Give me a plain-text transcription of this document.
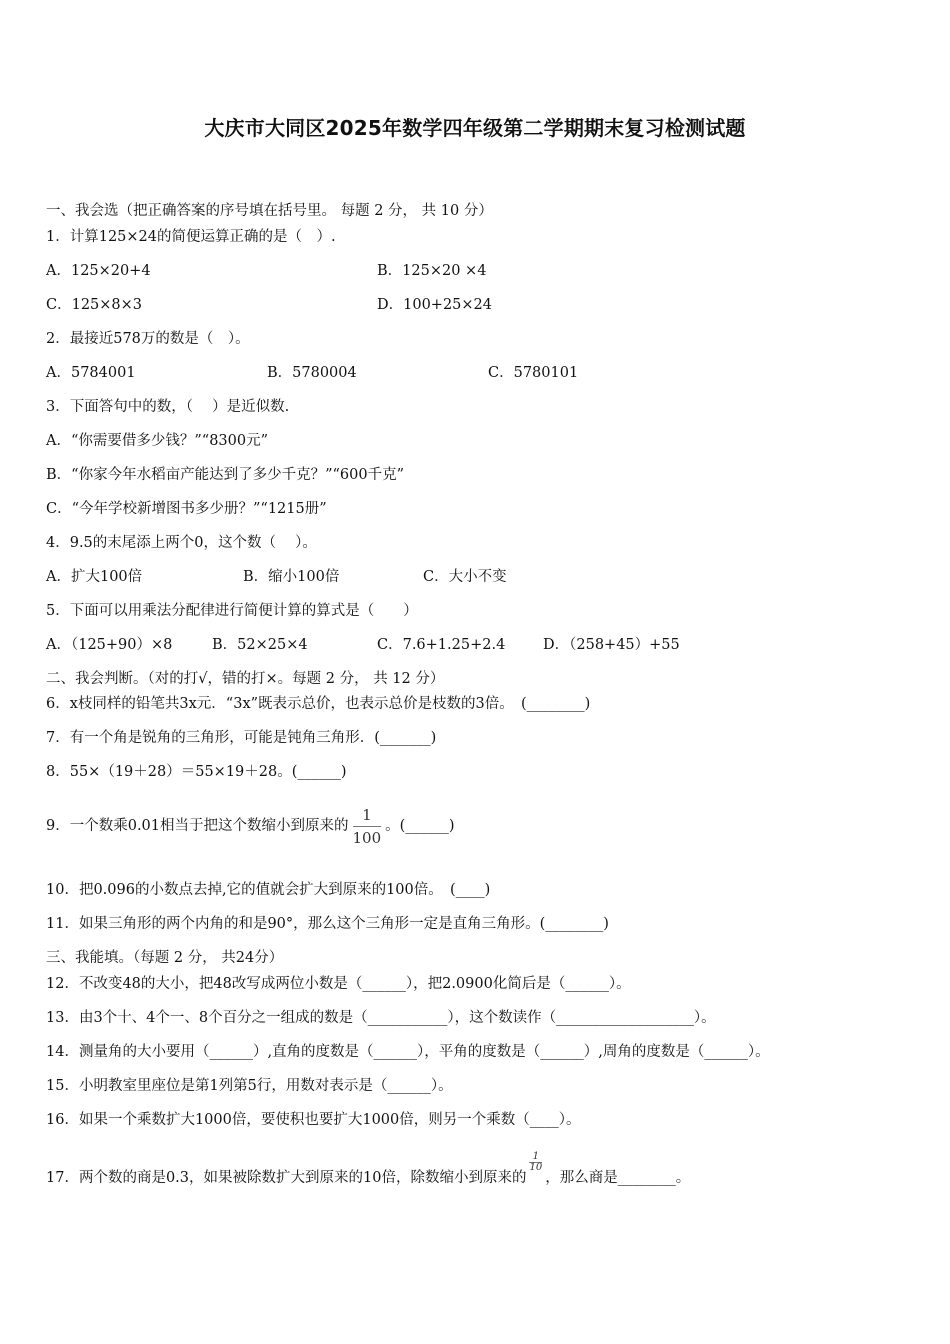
大庆市大同区2025年数学四年级第二学期期末复习检测试题
一、我会选（把正确答案的序号填在括号里。 每题 2 分， 共 10 分）
1．计算125×24的简便运算正确的是（　）.
A．125×20+4	B．125×20 ×4
C．125×8×3	D．100+25×24
2．最接近578万的数是（　）。
A．5784001	B．5780004	C．5780101
3．下面答句中的数，（　 ）是近似数.
A．“你需要借多少钱？”“8300元”
B．“你家今年水稻亩产能达到了多少千克？”“600千克”
C．“今年学校新增图书多少册？”“1215册”
4．9.5的末尾添上两个0，这个数（　 ）。
A．扩大100倍	B．缩小100倍	C．大小不变
5．下面可以用乘法分配律进行简便计算的算式是（　　）
A．（125+90）×8	B．52×25×4	C．7.6+1.25+2.4	D．（258+45）+55
二、我会判断。（对的打√，错的打×。每题 2 分， 共 12 分）
6．x枝同样的铅笔共3x元．“3x”既表示总价，也表示总价是枝数的3倍。　(________)
7．有一个角是锐角的三角形，可能是钝角三角形．(_______)
8．55×（19＋28）＝55×19＋28。(______)
9．一个数乘0.01相当于把这个数缩小到原来的 $\frac{1}{100}$ 。(______)
10．把0.096的小数点去掉,它的值就会扩大到原来的100倍。　(____)
11．如果三角形的两个内角的和是90°，那么这个三角形一定是直角三角形。(________)
三、我能填。（每题 2 分， 共24分）
12．不改变48的大小，把48改写成两位小数是（______），把2.0900化简后是（______）。
13．由3个十、4个一、8个百分之一组成的数是（___________），这个数读作（___________________）。
14．测量角的大小要用（______）,直角的度数是（______），平角的度数是（______）,周角的度数是（______）。
15．小明教室里座位是第1列第5行，用数对表示是（______）。
16．如果一个乘数扩大1000倍，要使积也要扩大1000倍，则另一个乘数（____）。
17．两个数的商是0.3，如果被除数扩大到原来的10倍，除数缩小到原来的
$\frac{1}{10}$
，那么商是________。
